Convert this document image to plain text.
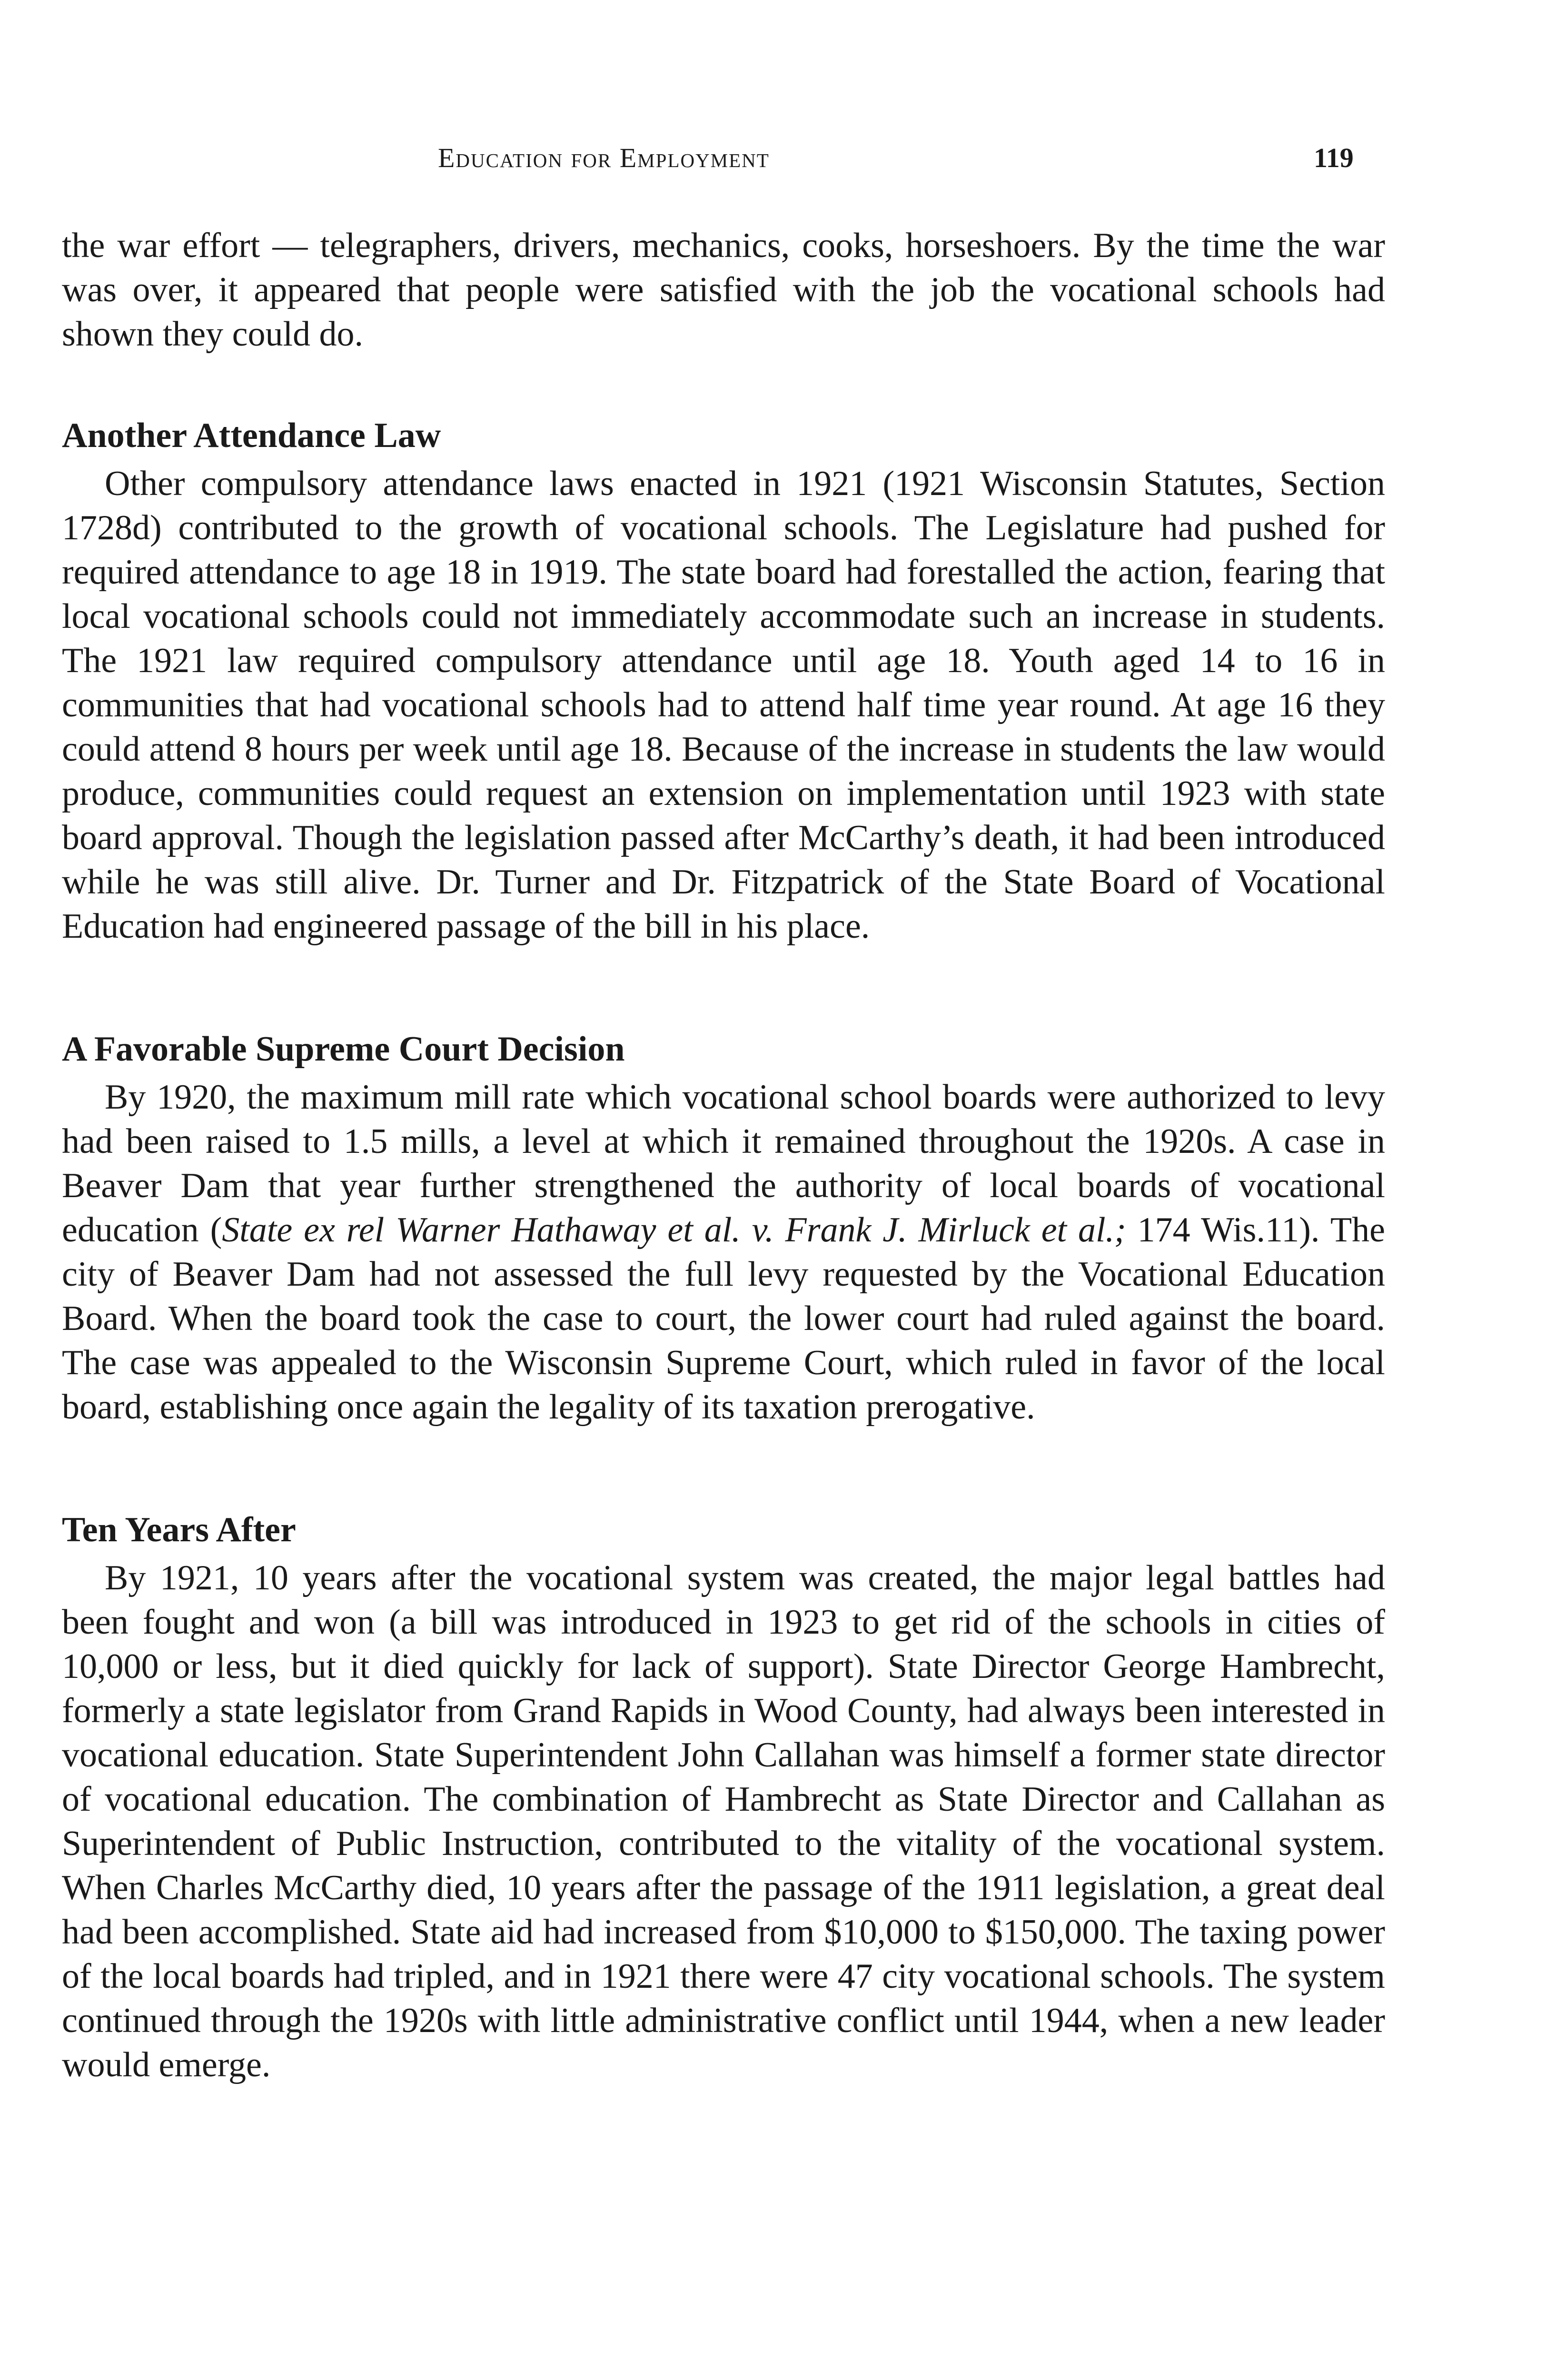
Education for Employment	119

the war effort — telegraphers, drivers, mechanics, cooks, horseshoers. By the time the war was over, it appeared that people were satisfied with the job the vocational schools had shown they could do.

Another Attendance Law

Other compulsory attendance laws enacted in 1921 (1921 Wisconsin Statutes, Section 1728d) contributed to the growth of vocational schools. The Legislature had pushed for required attendance to age 18 in 1919. The state board had forestalled the action, fearing that local vocational schools could not immediately accommodate such an increase in students. The 1921 law required compulsory attendance until age 18. Youth aged 14 to 16 in communities that had vocational schools had to attend half time year round. At age 16 they could attend 8 hours per week until age 18. Because of the increase in students the law would produce, communities could request an extension on implementation until 1923 with state board approval. Though the legislation passed after McCarthy’s death, it had been introduced while he was still alive. Dr. Turner and Dr. Fitzpatrick of the State Board of Vocational Education had engineered passage of the bill in his place.

A Favorable Supreme Court Decision

By 1920, the maximum mill rate which vocational school boards were authorized to levy had been raised to 1.5 mills, a level at which it remained throughout the 1920s. A case in Beaver Dam that year further strengthened the authority of local boards of vocational education (State ex rel Warner Hathaway et al. v. Frank J. Mirluck et al.; 174 Wis.11). The city of Beaver Dam had not assessed the full levy requested by the Vocational Education Board. When the board took the case to court, the lower court had ruled against the board. The case was appealed to the Wisconsin Supreme Court, which ruled in favor of the local board, establishing once again the legality of its taxation prerogative.

Ten Years After

By 1921, 10 years after the vocational system was created, the major legal battles had been fought and won (a bill was introduced in 1923 to get rid of the schools in cities of 10,000 or less, but it died quickly for lack of support). State Director George Hambrecht, formerly a state legislator from Grand Rapids in Wood County, had always been interested in vocational education. State Superintendent John Callahan was himself a former state director of vocational education. The combination of Hambrecht as State Director and Callahan as Superintendent of Public Instruction, contributed to the vitality of the vocational system. When Charles McCarthy died, 10 years after the passage of the 1911 legislation, a great deal had been accomplished. State aid had increased from $10,000 to $150,000. The taxing power of the local boards had tripled, and in 1921 there were 47 city vocational schools. The system continued through the 1920s with little administrative conflict until 1944, when a new leader would emerge.
